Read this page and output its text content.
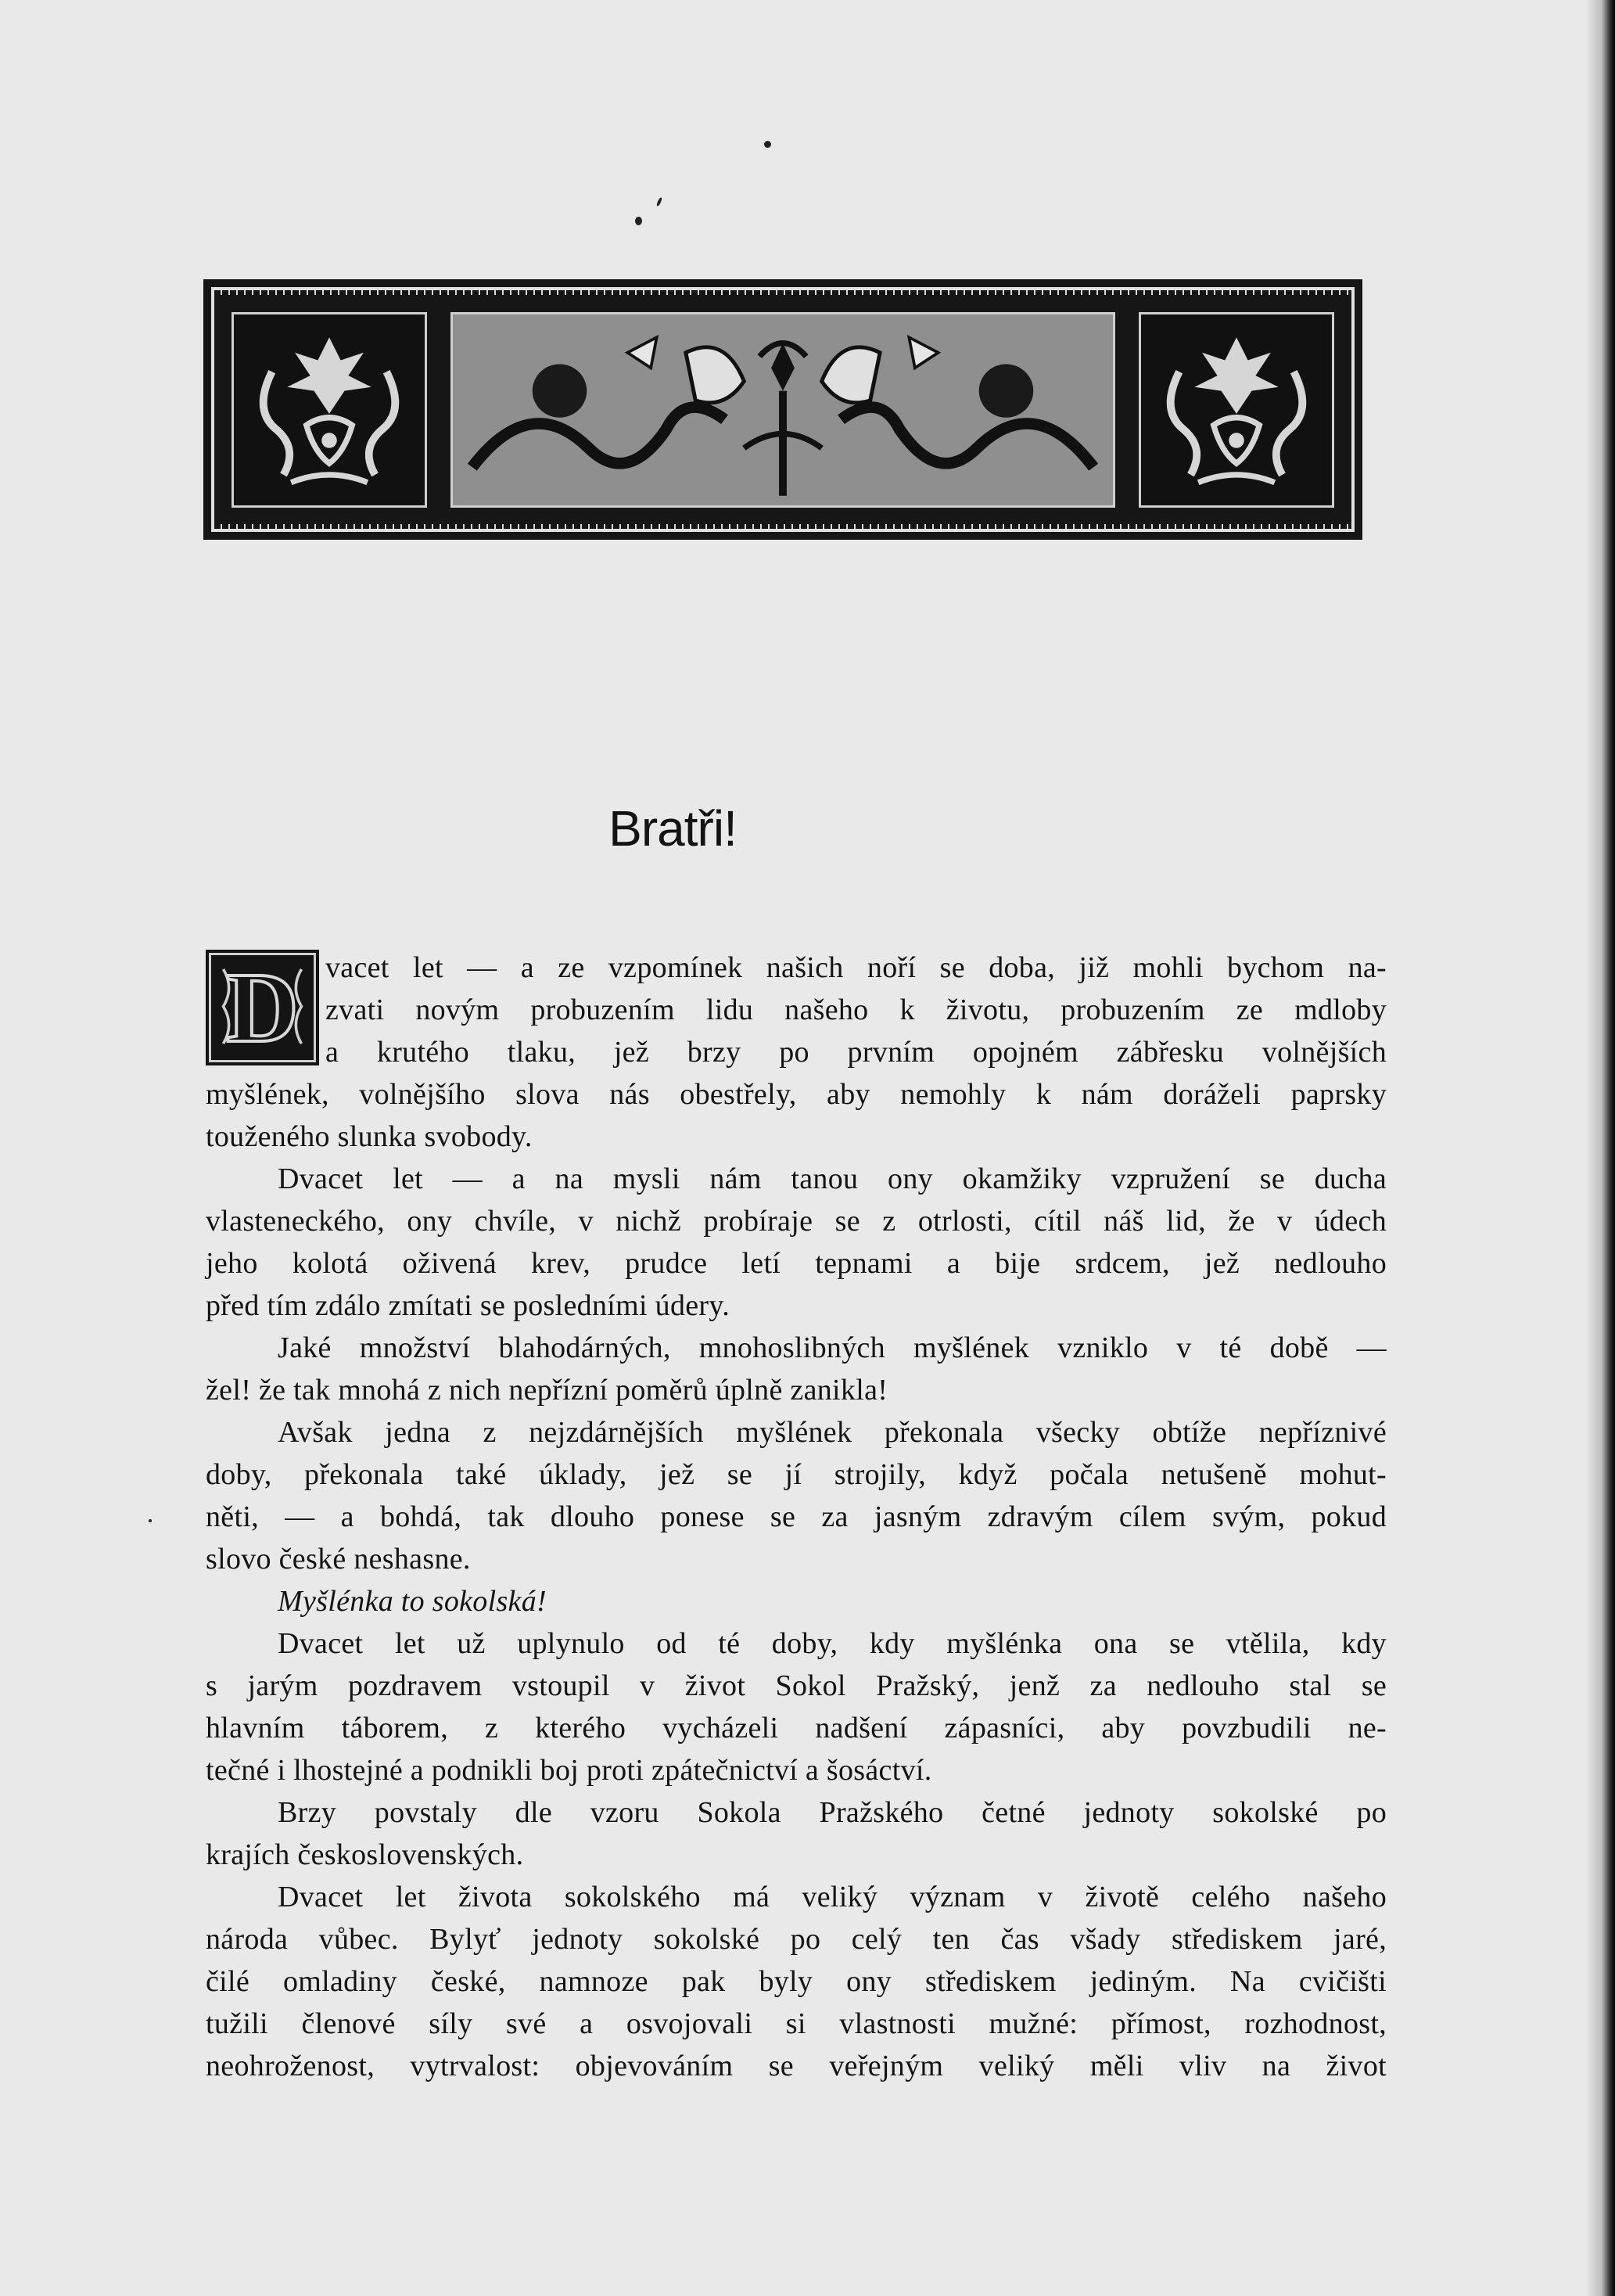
Bratři!
D vacet let — a ze vzpomínek našich noří se doba, již mohli bychom na-
zvati novým probuzením lidu našeho k životu, probuzením ze mdloby
a krutého tlaku, jež brzy po prvním opojném zábřesku volnějších
myšlének, volnějšího slova nás obestřely, aby nemohly k nám doráželi paprsky
touženého slunka svobody.
Dvacet let — a na mysli nám tanou ony okamžiky vzpružení se ducha
vlasteneckého, ony chvíle, v nichž probíraje se z otrlosti, cítil náš lid, že v údech
jeho kolotá oživená krev, prudce letí tepnami a bije srdcem, jež nedlouho
před tím zdálo zmítati se posledními údery.
Jaké množství blahodárných, mnohoslibných myšlének vzniklo v té době —
žel! že tak mnohá z nich nepřízní poměrů úplně zanikla!
Avšak jedna z nejzdárnějších myšlének překonala všecky obtíže nepříznivé
doby, překonala také úklady, jež se jí strojily, když počala netušeně mohut-
něti, — a bohdá, tak dlouho ponese se za jasným zdravým cílem svým, pokud
slovo české neshasne.
Myšlénka to sokolská!
Dvacet let už uplynulo od té doby, kdy myšlénka ona se vtělila, kdy
s jarým pozdravem vstoupil v život Sokol Pražský, jenž za nedlouho stal se
hlavním táborem, z kterého vycházeli nadšení zápasníci, aby povzbudili ne-
tečné i lhostejné a podnikli boj proti zpátečnictví a šosáctví.
Brzy povstaly dle vzoru Sokola Pražského četné jednoty sokolské po
krajích československých.
Dvacet let života sokolského má veliký význam v životě celého našeho
národa vůbec. Bylyť jednoty sokolské po celý ten čas všady střediskem jaré,
čilé omladiny české, namnoze pak byly ony střediskem jediným. Na cvičišti
tužili členové síly své a osvojovali si vlastnosti mužné: přímost, rozhodnost,
neohroženost, vytrvalost: objevováním se veřejným veliký měli vliv na život
